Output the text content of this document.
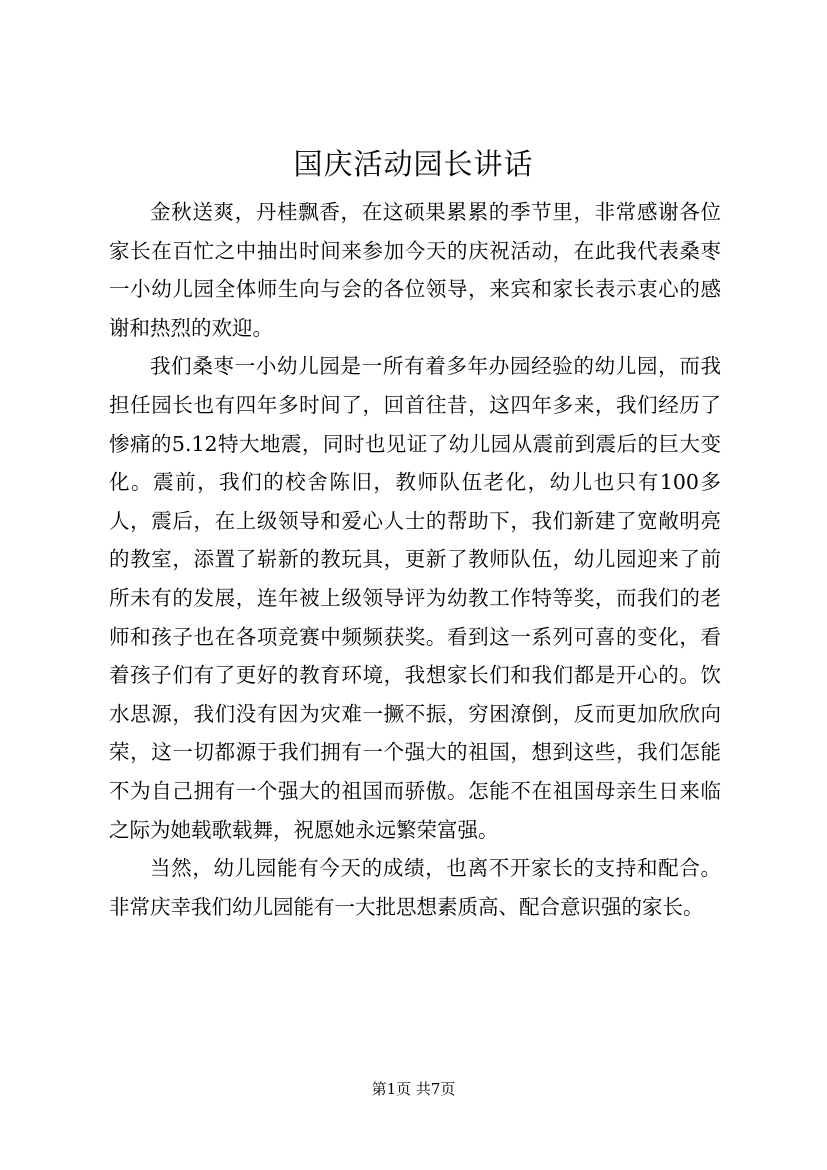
国庆活动园长讲话

金秋送爽，丹桂飘香，在这硕果累累的季节里，非常感谢各位家长在百忙之中抽出时间来参加今天的庆祝活动，在此我代表桑枣一小幼儿园全体师生向与会的各位领导，来宾和家长表示衷心的感谢和热烈的欢迎。

我们桑枣一小幼儿园是一所有着多年办园经验的幼儿园，而我担任园长也有四年多时间了，回首往昔，这四年多来，我们经历了惨痛的5.12特大地震，同时也见证了幼儿园从震前到震后的巨大变化。震前，我们的校舍陈旧，教师队伍老化，幼儿也只有100多人，震后，在上级领导和爱心人士的帮助下，我们新建了宽敞明亮的教室，添置了崭新的教玩具，更新了教师队伍，幼儿园迎来了前所未有的发展，连年被上级领导评为幼教工作特等奖，而我们的老师和孩子也在各项竞赛中频频获奖。看到这一系列可喜的变化，看着孩子们有了更好的教育环境，我想家长们和我们都是开心的。饮水思源，我们没有因为灾难一撅不振，穷困潦倒，反而更加欣欣向荣，这一切都源于我们拥有一个强大的祖国，想到这些，我们怎能不为自己拥有一个强大的祖国而骄傲。怎能不在祖国母亲生日来临之际为她载歌载舞，祝愿她永远繁荣富强。

当然，幼儿园能有今天的成绩，也离不开家长的支持和配合。非常庆幸我们幼儿园能有一大批思想素质高、配合意识强的家长。

第1页 共7页
